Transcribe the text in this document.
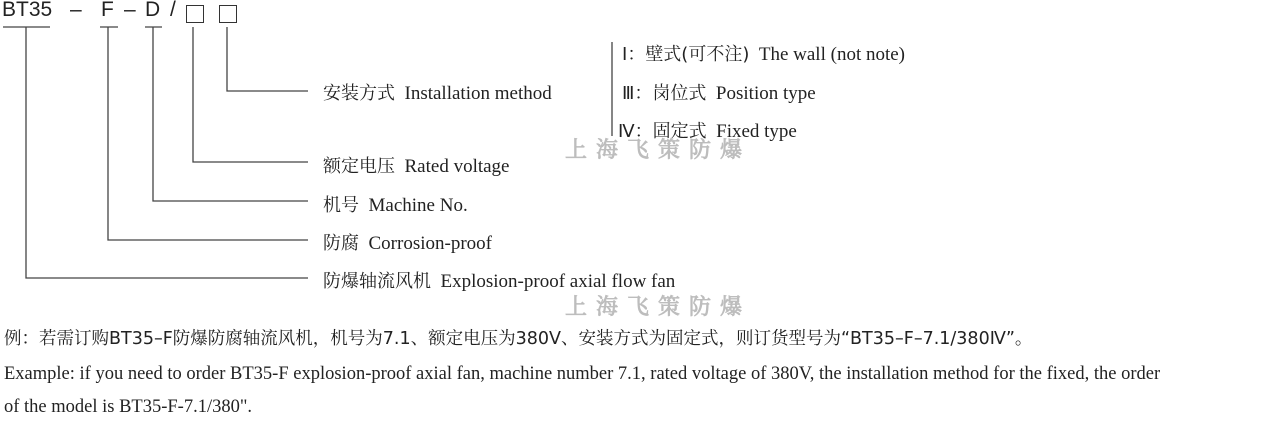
BT35 – F – D /
安装方式 Installation method
额定电压 Rated voltage
机号 Machine No.
防腐 Corrosion-proof
防爆轴流风机 Explosion-proof axial flow fan
Ⅰ：壁式(可不注) The wall (not note)
Ⅲ：岗位式 Position type
Ⅳ：固定式 Fixed type
上海飞策防爆
上海飞策防爆
例：若需订购BT35–F防爆防腐轴流风机，机号为7.1、额定电压为380V、安装方式为固定式，则订货型号为“BT35–F–7.1/380Ⅳ”。
Example: if you need to order BT35-F explosion-proof axial fan, machine number 7.1, rated voltage of 380V, the installation method for the fixed, the order
of the model is BT35-F-7.1/380".
